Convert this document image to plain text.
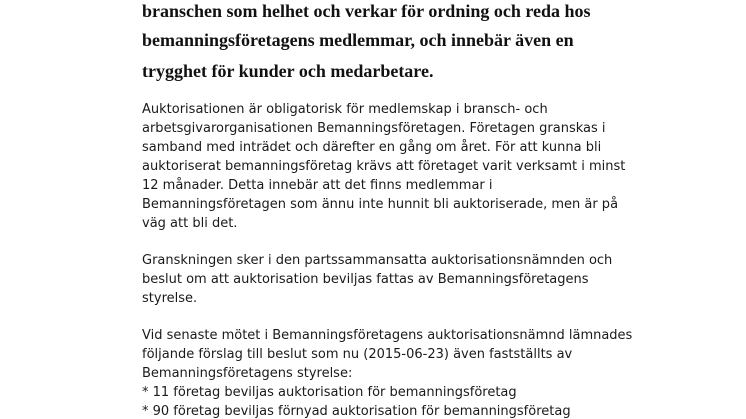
branschen som helhet och verkar för ordning och reda hos
bemanningsföretagens medlemmar, och innebär även en
trygghet för kunder och medarbetare.
Auktorisationen är obligatorisk för medlemskap i bransch- och
arbetsgivarorganisationen Bemanningsföretagen. Företagen granskas i
samband med inträdet och därefter en gång om året. För att kunna bli
auktoriserat bemanningsföretag krävs att företaget varit verksamt i minst
12 månader. Detta innebär att det finns medlemmar i
Bemanningsföretagen som ännu inte hunnit bli auktoriserade, men är på
väg att bli det.
Granskningen sker i den partssammansatta auktorisationsnämnden och
beslut om att auktorisation beviljas fattas av Bemanningsföretagens
styrelse.
Vid senaste mötet i Bemanningsföretagens auktorisationsnämnd lämnades
följande förslag till beslut som nu (2015-06-23) även fastställts av
Bemanningsföretagens styrelse:
* 11 företag beviljas auktorisation för bemanningsföretag
* 90 företag beviljas förnyad auktorisation för bemanningsföretag
